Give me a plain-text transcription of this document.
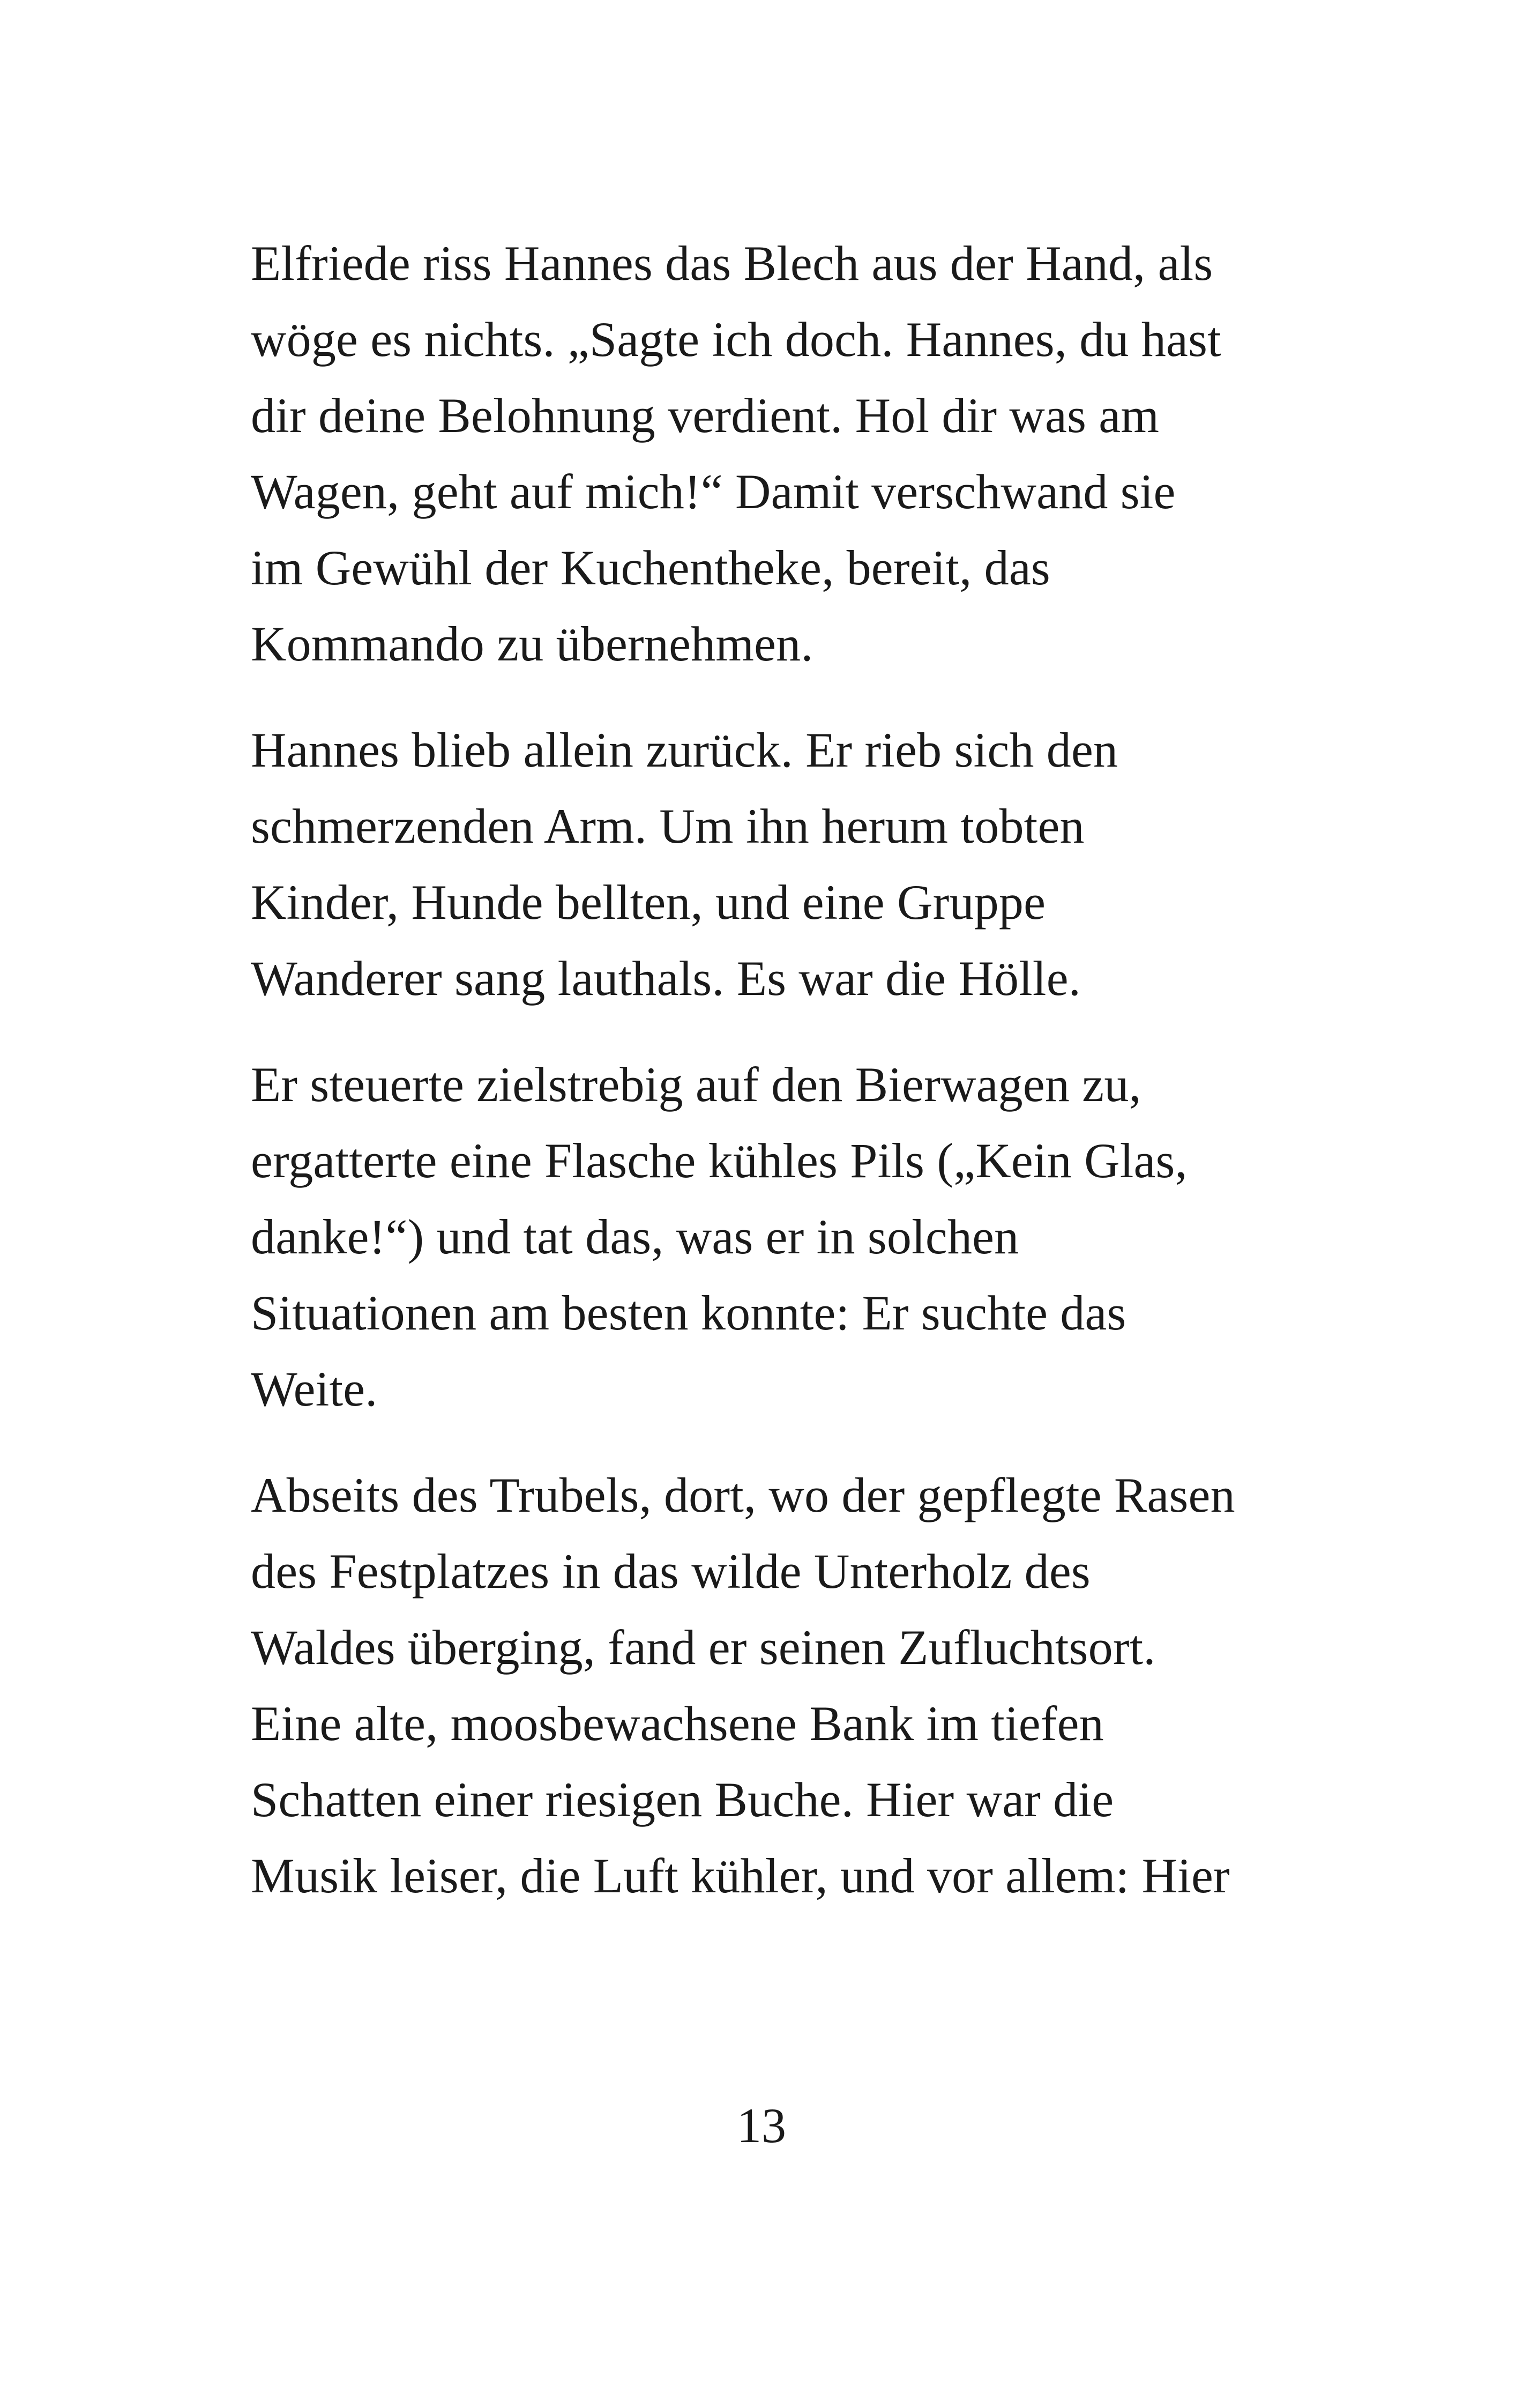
Elfriede riss Hannes das Blech aus der Hand, als
wöge es nichts. „Sagte ich doch. Hannes, du hast
dir deine Belohnung verdient. Hol dir was am
Wagen, geht auf mich!“ Damit verschwand sie
im Gewühl der Kuchentheke, bereit, das
Kommando zu übernehmen.

Hannes blieb allein zurück. Er rieb sich den
schmerzenden Arm. Um ihn herum tobten
Kinder, Hunde bellten, und eine Gruppe
Wanderer sang lauthals. Es war die Hölle.

Er steuerte zielstrebig auf den Bierwagen zu,
ergatterte eine Flasche kühles Pils („Kein Glas,
danke!“) und tat das, was er in solchen
Situationen am besten konnte: Er suchte das
Weite.

Abseits des Trubels, dort, wo der gepflegte Rasen
des Festplatzes in das wilde Unterholz des
Waldes überging, fand er seinen Zufluchtsort.
Eine alte, moosbewachsene Bank im tiefen
Schatten einer riesigen Buche. Hier war die
Musik leiser, die Luft kühler, und vor allem: Hier

13
